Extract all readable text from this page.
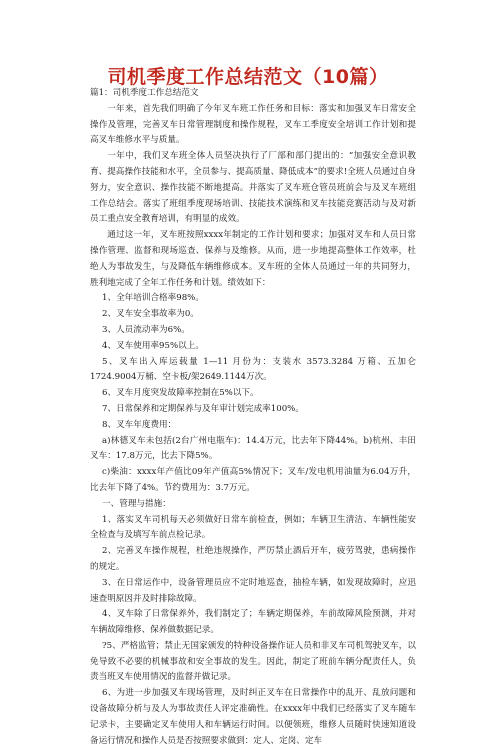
司机季度工作总结范文（10篇）

篇1：司机季度工作总结范文

一年来，首先我们明确了今年叉车班工作任务和目标：落实和加强叉车日常安全操作及管理，完善叉车日常管理制度和操作规程，叉车工季度安全培训工作计划和提高叉车维修水平与质量。

一年中，我们叉车班全体人员坚决执行了厂部和部门提出的：“加强安全意识教育、提高操作技能和水平，全员参与、提高质量、降低成本”的要求!全班人员通过自身努力，安全意识、操作技能不断地提高。并落实了叉车班仓管员班前会与及叉车班组工作总结会。落实了班组季度现场培训、技能技术演练和叉车技能竞赛活动与及对新员工重点安全教育培训，有明显的成效。

通过这一年，叉车班按照xxxx年制定的工作计划和要求；加强对叉车和人员日常操作管理、监督和现场巡查、保养与及维修。从而，进一步地提高整体工作效率，杜绝人为事故发生，与及降低车辆维修成本。叉车班的全体人员通过一年的共同努力，胜利地完成了全年工作任务和计划。绩效如下：

1、全年培训合格率98%。

2、叉车安全事故率为0。

3、人员流动率为6%。

4、叉车使用率95%以上。

5、叉车出入库运载量 1—11 月份为：支装水 3573.3284 万箱、五加仑1724.9004万桶、空卡板/架2649.1144万次。

6、叉车月度突发故障率控制在5%以下。

7、日常保养和定期保养与及年审计划完成率100%。

8、叉车年度费用：

a)林德叉车未包括(2台广州电瓶车)：14.4万元，比去年下降44%。b)杭州、丰田叉车：17.8万元，比去下降5%。

c)柴油：xxxx年产值比09年产值高5%情况下；叉车/发电机用油量为6.04万升，比去年下降了4%。节约费用为：3.7万元。

一、管理与措施：

1、落实叉车司机每天必须做好日常车前检查，例如；车辆卫生清洁、车辆性能安全检查与及填写车前点检记录。

2、完善叉车操作规程，杜绝违规操作，严厉禁止酒后开车，疲劳驾驶，患病操作的规定。

3、在日常运作中，设备管理员应不定时地巡查，抽检车辆，如发现故障时，应迅速查明原因并及时排除故障。

4、叉车除了日常保养外，我们制定了；车辆定期保养，车前故障风险预测，并对车辆故障维修、保养做数据记录。

?5、严格监管；禁止无国家颁发的特种设备操作证人员和非叉车司机驾驶叉车，以免导致不必要的机械事故和安全事故的发生。因此，制定了班前车辆分配责任人，负责当班叉车使用情况的监督并做记录。

6、为进一步加强叉车现场管理，及时纠正叉车在日常操作中的乱开、乱放问题和设备故障分析与及人为事故责任人评定准确性。在xxxx年中我们已经落实了叉车随车记录卡，主要确定叉车使用人和车辆运行时间。以便领班，维修人员随时快速知道设备运行情况和操作人员是否按照要求做到：定人、定岗、定车
